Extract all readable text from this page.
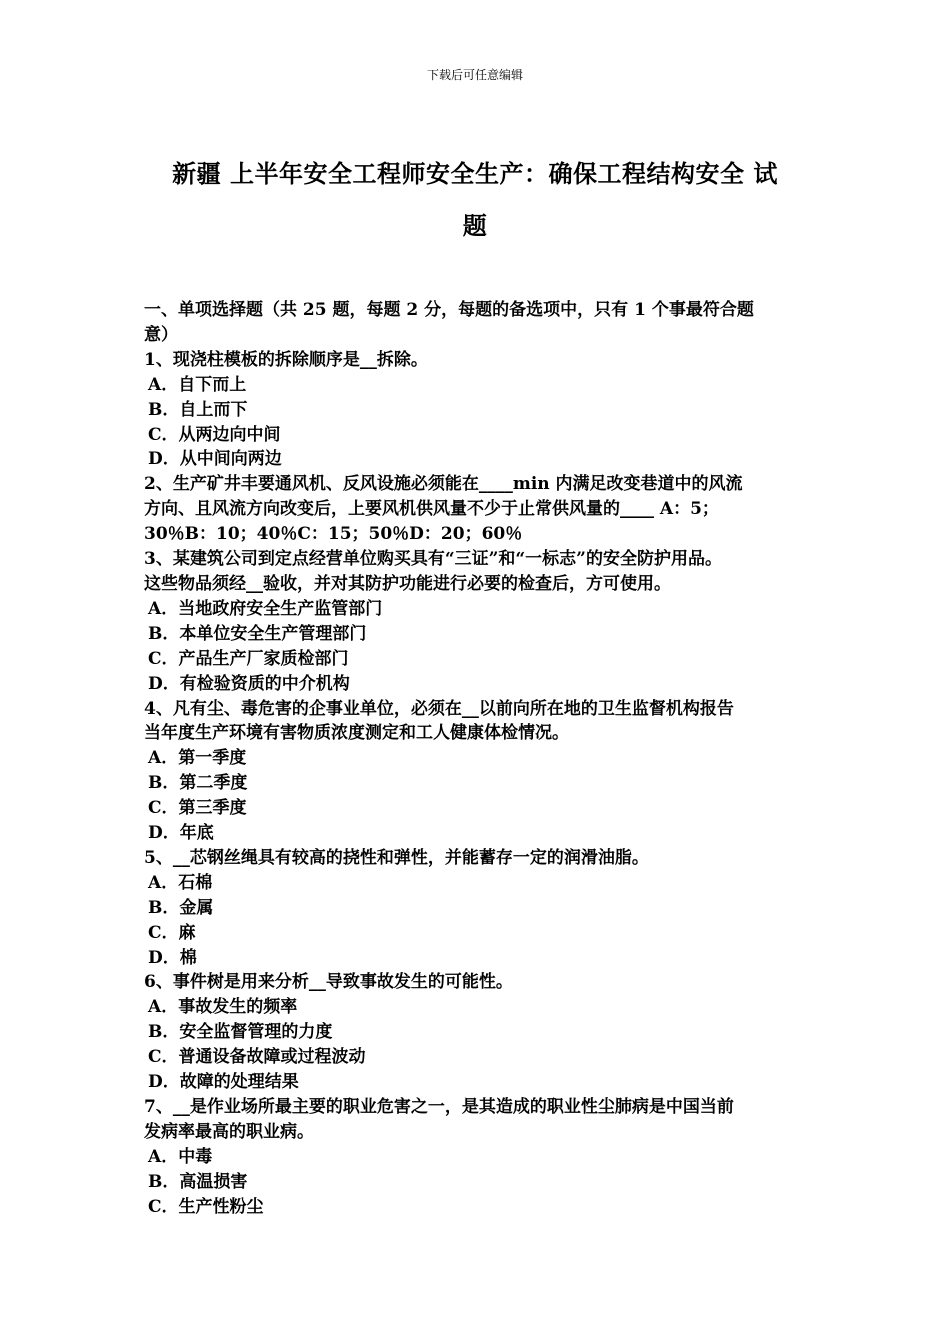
下载后可任意编辑
新疆 上半年安全工程师安全生产：确保工程结构安全 试
题
一、单项选择题（共 25 题，每题 2 分，每题的备选项中，只有 1 个事最符合题
意）
1、现浇柱模板的拆除顺序是__拆除。
A．自下而上
B．自上而下
C．从两边向中间
D．从中间向两边
2、生产矿井丰要通风机、反风设施必须能在____min 内满足改变巷道中的风流
方向、且风流方向改变后，上要风机供风量不少于止常供风量的____ A：5；
30％B：10；40％C：15；50％D：20；60％
3、某建筑公司到定点经营单位购买具有“三证”和“一标志”的安全防护用品。
这些物品须经__验收，并对其防护功能进行必要的检查后，方可使用。
A．当地政府安全生产监管部门
B．本单位安全生产管理部门
C．产品生产厂家质检部门
D．有检验资质的中介机构
4、凡有尘、毒危害的企事业单位，必须在__以前向所在地的卫生监督机构报告
当年度生产环境有害物质浓度测定和工人健康体检情况。
A．第一季度
B．第二季度
C．第三季度
D．年底
5、__芯钢丝绳具有较高的挠性和弹性，并能蓄存一定的润滑油脂。
A．石棉
B．金属
C．麻
D．棉
6、事件树是用来分析__导致事故发生的可能性。
A．事故发生的频率
B．安全监督管理的力度
C．普通设备故障或过程波动
D．故障的处理结果
7、__是作业场所最主要的职业危害之一，是其造成的职业性尘肺病是中国当前
发病率最高的职业病。
A．中毒
B．高温损害
C．生产性粉尘
